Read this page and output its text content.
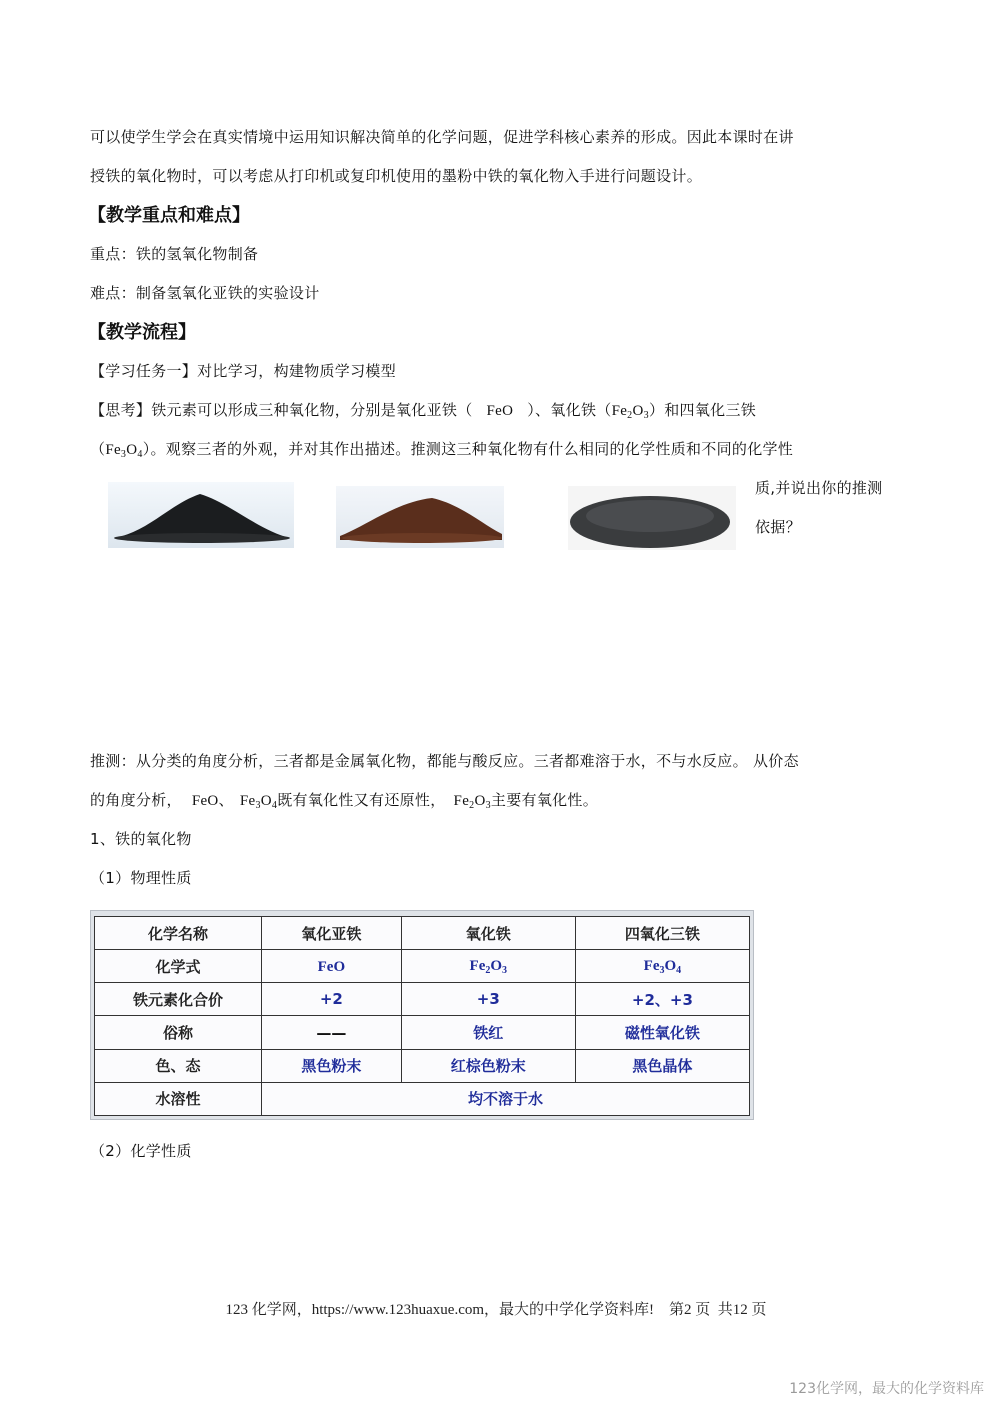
可以使学生学会在真实情境中运用知识解决简单的化学问题，促进学科核心素养的形成。因此本课时在讲
授铁的氧化物时，可以考虑从打印机或复印机使用的墨粉中铁的氧化物入手进行问题设计。
【教学重点和难点】
重点：铁的氢氧化物制备
难点：制备氢氧化亚铁的实验设计
【教学流程】
【学习任务一】对比学习，构建物质学习模型
【思考】铁元素可以形成三种氧化物，分别是氧化亚铁（ FeO ）、氧化铁$(Fe_2O_3)$和四氧化三铁
$(Fe_3O_4)$。观察三者的外观，并对其作出描述。推测这三种氧化物有什么相同的化学性质和不同的化学性
质,并说出你的推测
依据？
推测：从分类的角度分析，三者都是金属氧化物，都能与酸反应。三者都难溶于水，不与水反应。 从价态
的角度分析， FeO、 $Fe_3O_4$既有氧化性又有还原性， $Fe_2O_3$主要有氧化性。
1、铁的氧化物
（1）物理性质
化学名称	氧化亚铁	氧化铁	四氧化三铁
化学式	FeO	$Fe_2O_3$	$Fe_3O_4$
铁元素化合价	+2	+3	+2、+3
俗称	——	铁红	磁性氧化铁
色、态	黑色粉末	红棕色粉末	黑色晶体
水溶性	均不溶于水		
（2）化学性质
123 化学网，https://www.123huaxue.com，最大的中学化学资料库!    第2 页  共12 页
123化学网，最大的化学资料库
